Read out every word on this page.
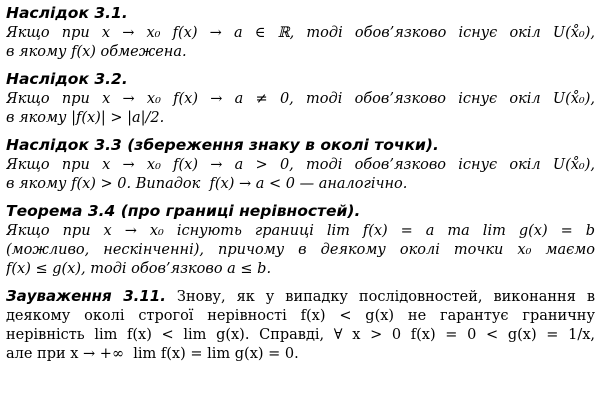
Наслідок 3.1.
Якщо при x → x₀ f(x) → a ∈ ℝ, тоді обов’язково існує окіл U(x̊₀),
в якому f(x) обмежена.
Наслідок 3.2.
Якщо при x → x₀ f(x) → a ≠ 0, тоді обов’язково існує окіл U(x̊₀),
в якому |f(x)| > |a|/2.
Наслідок 3.3 (збереження знаку в околі точки).
Якщо при x → x₀ f(x) → a > 0, тоді обов’язково існує окіл U(x̊₀),
в якому f(x) > 0. Випадок  f(x) → a < 0 — аналогічно.
Теорема 3.4 (про границі нерівностей).
Якщо при x → x₀ існують границі lim f(x) = a та lim g(x) = b
(можливо, нескінченні), причому в деякому околі точки x₀ маємо
f(x) ≤ g(x), тоді обов’язково a ≤ b.
Зауваження 3.11. Знову, як у випадку послідовностей, виконання в
деякому околі строгої нерівності f(x) < g(x) не гарантує граничну
нерівність lim f(x) < lim g(x). Справді, ∀ x > 0 f(x) = 0 < g(x) = 1/x,
але при x → +∞  lim f(x) = lim g(x) = 0.
